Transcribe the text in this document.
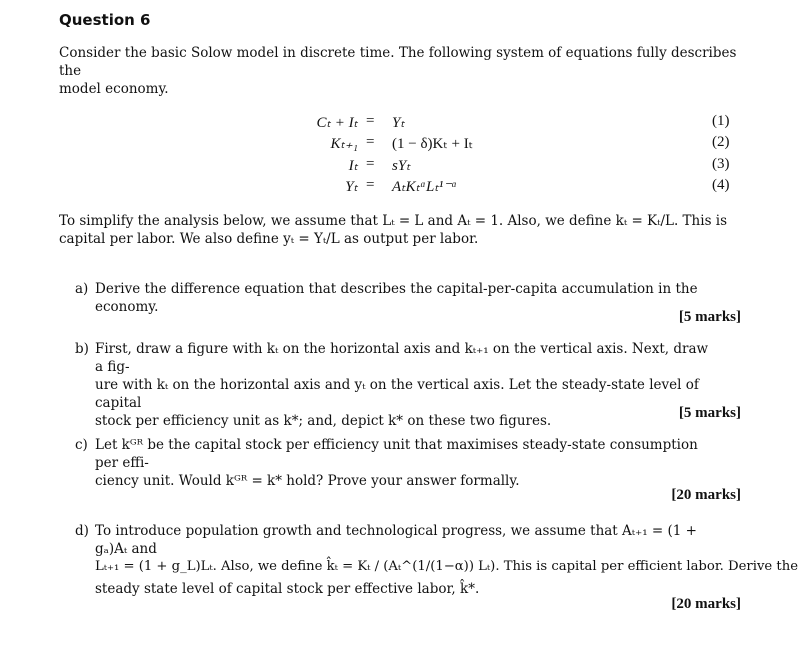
Question 6
Consider the basic Solow model in discrete time. The following system of equations fully describes the
model economy.
Cₜ + Iₜ = Yₜ	(1)
Kₜ₊₁ = (1 − δ)Kₜ + Iₜ	(2)
Iₜ = sYₜ	(3)
Yₜ = AₜKₜᵅLₜ¹⁻ᵅ	(4)
To simplify the analysis below, we assume that Lₜ = L and Aₜ = 1. Also, we define kₜ = Kₜ/L. This is
capital per labor. We also define yₜ = Yₜ/L as output per labor.
a) Derive the difference equation that describes the capital-per-capita accumulation in the economy.
[5 marks]
b) First, draw a figure with kₜ on the horizontal axis and kₜ₊₁ on the vertical axis. Next, draw a fig-
ure with kₜ on the horizontal axis and yₜ on the vertical axis. Let the steady-state level of capital
stock per efficiency unit as k*; and, depict k* on these two figures.	[5 marks]
c) Let kᴳᴿ be the capital stock per efficiency unit that maximises steady-state consumption per effi-
ciency unit. Would kᴳᴿ = k* hold? Prove your answer formally.
[20 marks]
d) To introduce population growth and technological progress, we assume that Aₜ₊₁ = (1 + gₐ)Aₜ and
Lₜ₊₁ = (1 + g_L)Lₜ. Also, we define k̂ₜ = Kₜ / (Aₜ^(1/(1−α)) Lₜ). This is capital per efficient labor. Derive the
steady state level of capital stock per effective labor, k̂*.
[20 marks]
